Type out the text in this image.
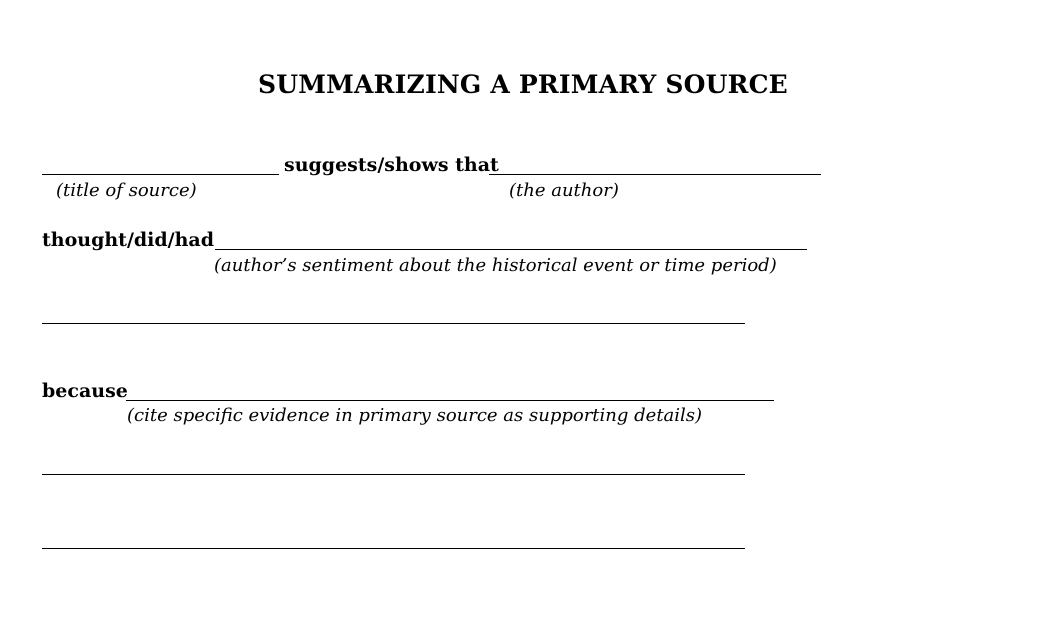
SUMMARIZING A PRIMARY SOURCE
suggests/shows that
(title of source)	(the author)
thought/did/had
(author’s sentiment about the historical event or time period)
because
(cite specific evidence in primary source as supporting details)
